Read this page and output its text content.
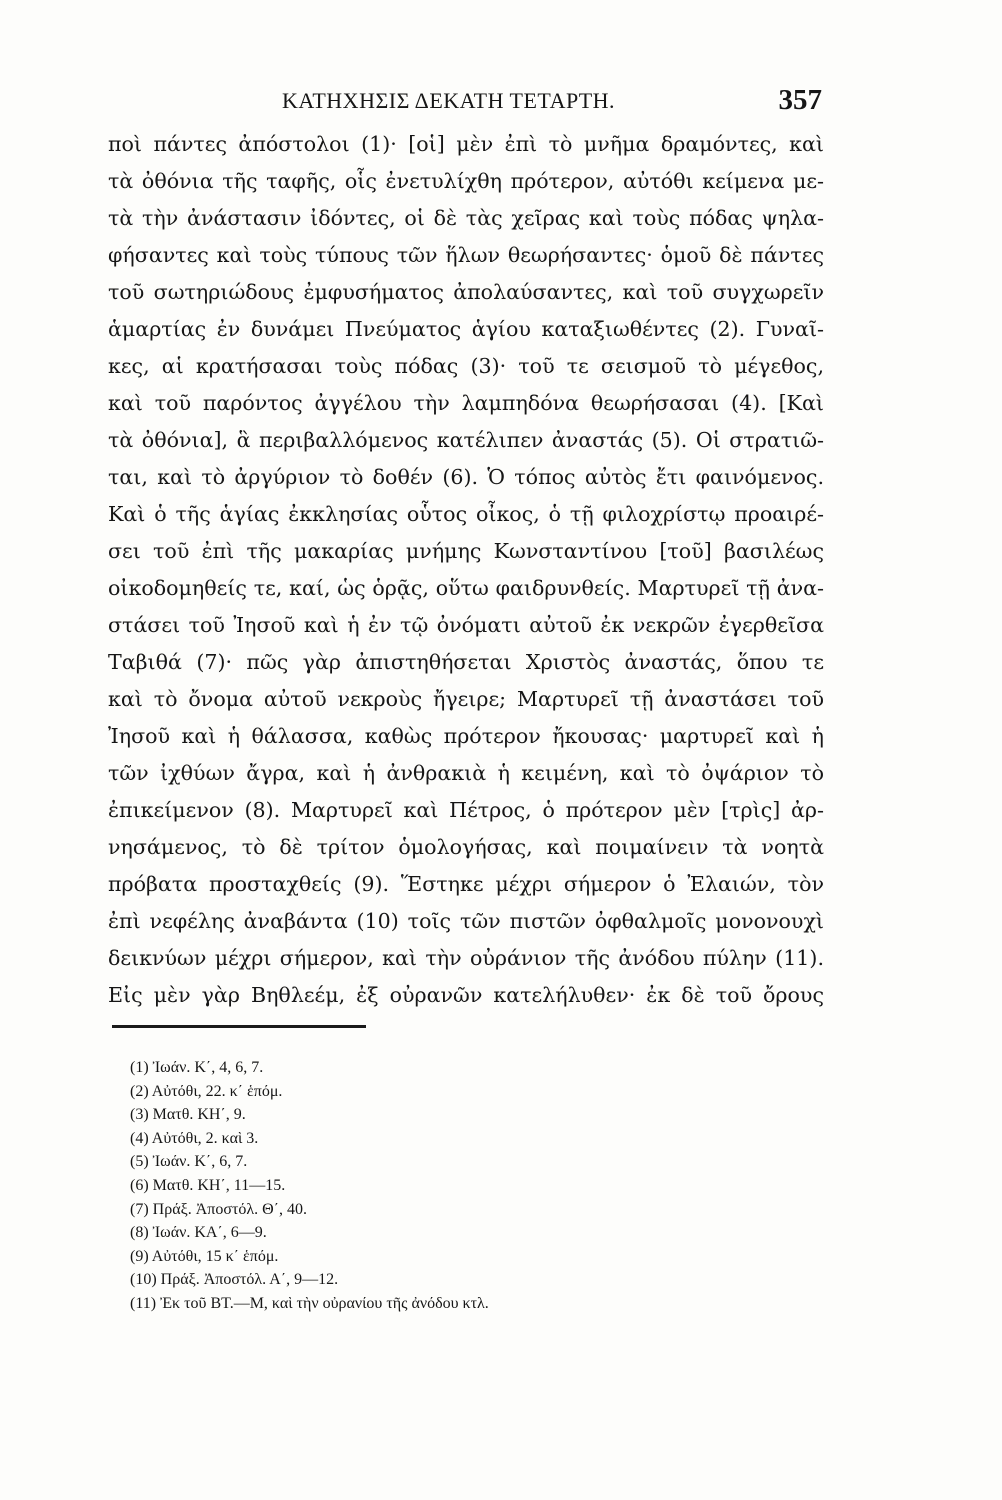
ΚΑΤΗΧΗΣΙΣ ΔΕΚΑΤΗ ΤΕΤΑΡΤΗ.	357
ποὶ πάντες ἀπόστολοι (1)· [οἱ] μὲν ἐπὶ τὸ μνῆμα δραμόντες, καὶ
τὰ ὀθόνια τῆς ταφῆς, οἷς ἐνετυλίχθη πρότερον, αὐτόθι κείμενα με-
τὰ τὴν ἀνάστασιν ἰδόντες, οἱ δὲ τὰς χεῖρας καὶ τοὺς πόδας ψηλα-
φήσαντες καὶ τοὺς τύπους τῶν ἥλων θεωρήσαντες· ὁμοῦ δὲ πάντες
τοῦ σωτηριώδους ἐμφυσήματος ἀπολαύσαντες, καὶ τοῦ συγχωρεῖν
ἁμαρτίας ἐν δυνάμει Πνεύματος ἁγίου καταξιωθέντες (2). Γυναῖ-
κες, αἱ κρατήσασαι τοὺς πόδας (3)· τοῦ τε σεισμοῦ τὸ μέγεθος,
καὶ τοῦ παρόντος ἀγγέλου τὴν λαμπηδόνα θεωρήσασαι (4). [Καὶ
τὰ ὀθόνια], ἃ περιβαλλόμενος κατέλιπεν ἀναστάς (5). Οἱ στρατιῶ-
ται, καὶ τὸ ἀργύριον τὸ δοθέν (6). Ὁ τόπος αὐτὸς ἔτι φαινόμενος.
Καὶ ὁ τῆς ἁγίας ἐκκλησίας οὗτος οἶκος, ὁ τῇ φιλοχρίστῳ προαιρέ-
σει τοῦ ἐπὶ τῆς μακαρίας μνήμης Κωνσταντίνου [τοῦ] βασιλέως
οἰκοδομηθείς τε, καί, ὡς ὁρᾷς, οὕτω φαιδρυνθείς. Μαρτυρεῖ τῇ ἀνα-
στάσει τοῦ Ἰησοῦ καὶ ἡ ἐν τῷ ὀνόματι αὐτοῦ ἐκ νεκρῶν ἐγερθεῖσα
Ταβιθά (7)· πῶς γὰρ ἀπιστηθήσεται Χριστὸς ἀναστάς, ὅπου τε
καὶ τὸ ὄνομα αὐτοῦ νεκροὺς ἤγειρε; Μαρτυρεῖ τῇ ἀναστάσει τοῦ
Ἰησοῦ καὶ ἡ θάλασσα, καθὼς πρότερον ἤκουσας· μαρτυρεῖ καὶ ἡ
τῶν ἰχθύων ἄγρα, καὶ ἡ ἀνθρακιὰ ἡ κειμένη, καὶ τὸ ὀψάριον τὸ
ἐπικείμενον (8). Μαρτυρεῖ καὶ Πέτρος, ὁ πρότερον μὲν [τρὶς] ἀρ-
νησάμενος, τὸ δὲ τρίτον ὁμολογήσας, καὶ ποιμαίνειν τὰ νοητὰ
πρόβατα προσταχθείς (9). Ἕστηκε μέχρι σήμερον ὁ Ἐλαιών, τὸν
ἐπὶ νεφέλης ἀναβάντα (10) τοῖς τῶν πιστῶν ὀφθαλμοῖς μονονουχὶ
δεικνύων μέχρι σήμερον, καὶ τὴν οὐράνιον τῆς ἀνόδου πύλην (11).
Εἰς μὲν γὰρ Βηθλεέμ, ἐξ οὐρανῶν κατελήλυθεν· ἐκ δὲ τοῦ ὄρους
(1) Ἰωάν. Κ΄, 4, 6, 7.
(2) Αὐτόθι, 22. κ΄ ἑπόμ.
(3) Ματθ. ΚΗ΄, 9.
(4) Αὐτόθι, 2. καὶ 3.
(5) Ἰωάν. Κ΄, 6, 7.
(6) Ματθ. ΚΗ΄, 11—15.
(7) Πράξ. Ἀποστόλ. Θ΄, 40.
(8) Ἰωάν. ΚΑ΄, 6—9.
(9) Αὐτόθι, 15 κ΄ ἑπόμ.
(10) Πράξ. Ἀποστόλ. Α΄, 9—12.
(11) Ἐκ τοῦ ΒΤ.—Μ, καὶ τὴν οὐρανίου τῆς ἀνόδου κτλ.
